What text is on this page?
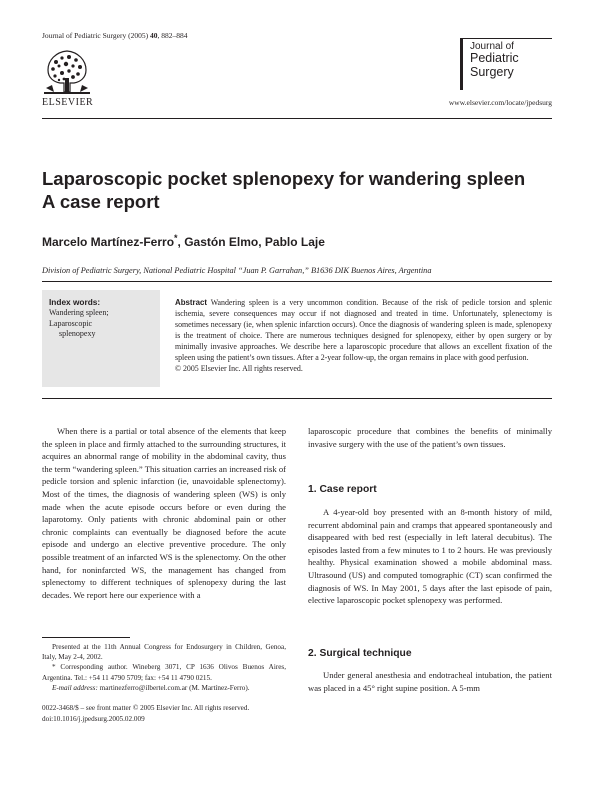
Journal of Pediatric Surgery (2005) 40, 882–884
ELSEVIER
Journal of
Pediatric
Surgery
www.elsevier.com/locate/jpedsurg
Laparoscopic pocket splenopexy for wandering spleen
A case report
Marcelo Martínez-Ferro*, Gastón Elmo, Pablo Laje
Division of Pediatric Surgery, National Pediatric Hospital “Juan P. Garrahan,” B1636 DIK Buenos Aires, Argentina
Index words:
Wandering spleen;
Laparoscopic
splenopexy
Abstract Wandering spleen is a very uncommon condition. Because of the risk of pedicle torsion and splenic ischemia, severe consequences may occur if not diagnosed and treated in time. Unfortunately, splenectomy is sometimes necessary (ie, when splenic infarction occurs). Once the diagnosis of wandering spleen is made, splenopexy is the treatment of choice. There are numerous techniques designed for splenopexy, either by open surgery or by minimally invasive approaches. We describe here a laparoscopic procedure that allows an excellent fixation of the spleen using the patient’s own tissues. After a 2-year follow-up, the organ remains in place with good perfusion.
© 2005 Elsevier Inc. All rights reserved.

When there is a partial or total absence of the elements that keep the spleen in place and firmly attached to the surrounding structures, it acquires an abnormal range of mobility in the abdominal cavity, thus the term “wandering spleen.” This situation carries an increased risk of pedicle torsion and splenic infarction (ie, unavoidable splenectomy). Most of the times, the diagnosis of wandering spleen (WS) is only made when the acute episode occurs before or even during the laparotomy. Only patients with chronic abdominal pain or other chronic complaints can eventually be diagnosed before the acute episode and undergo an elective preventive procedure. The only possible treatment of an infarcted WS is the splenectomy. On the other hand, for noninfarcted WS, the management has changed from splenectomy to different techniques of splenopexy during the last decades. We report here our experience with a

laparoscopic procedure that combines the benefits of minimally invasive surgery with the use of the patient’s own tissues.

1. Case report

A 4-year-old boy presented with an 8-month history of mild, recurrent abdominal pain and cramps that appeared spontaneously and disappeared with bed rest (especially in left lateral decubitus). The episodes lasted from a few minutes to 1 to 2 hours. He was previously healthy. Physical examination showed a mobile abdominal mass. Ultrasound (US) and computed tomographic (CT) scan confirmed the diagnosis of WS. In May 2001, 5 days after the last episode of pain, elective laparoscopic pocket splenopexy was performed.

2. Surgical technique

Under general anesthesia and endotracheal intubation, the patient was placed in a 45° right supine position. A 5-mm

Presented at the 11th Annual Congress for Endosurgery in Children, Genoa, Italy, May 2-4, 2002.

* Corresponding author. Wineberg 3071, CP 1636 Olivos Buenos Aires, Argentina. Tel.: +54 11 4790 5709; fax: +54 11 4790 0215.

E-mail address: martinezferro@ilbertel.com.ar (M. Martínez-Ferro).

0022-3468/$ – see front matter © 2005 Elsevier Inc. All rights reserved.
doi:10.1016/j.jpedsurg.2005.02.009
